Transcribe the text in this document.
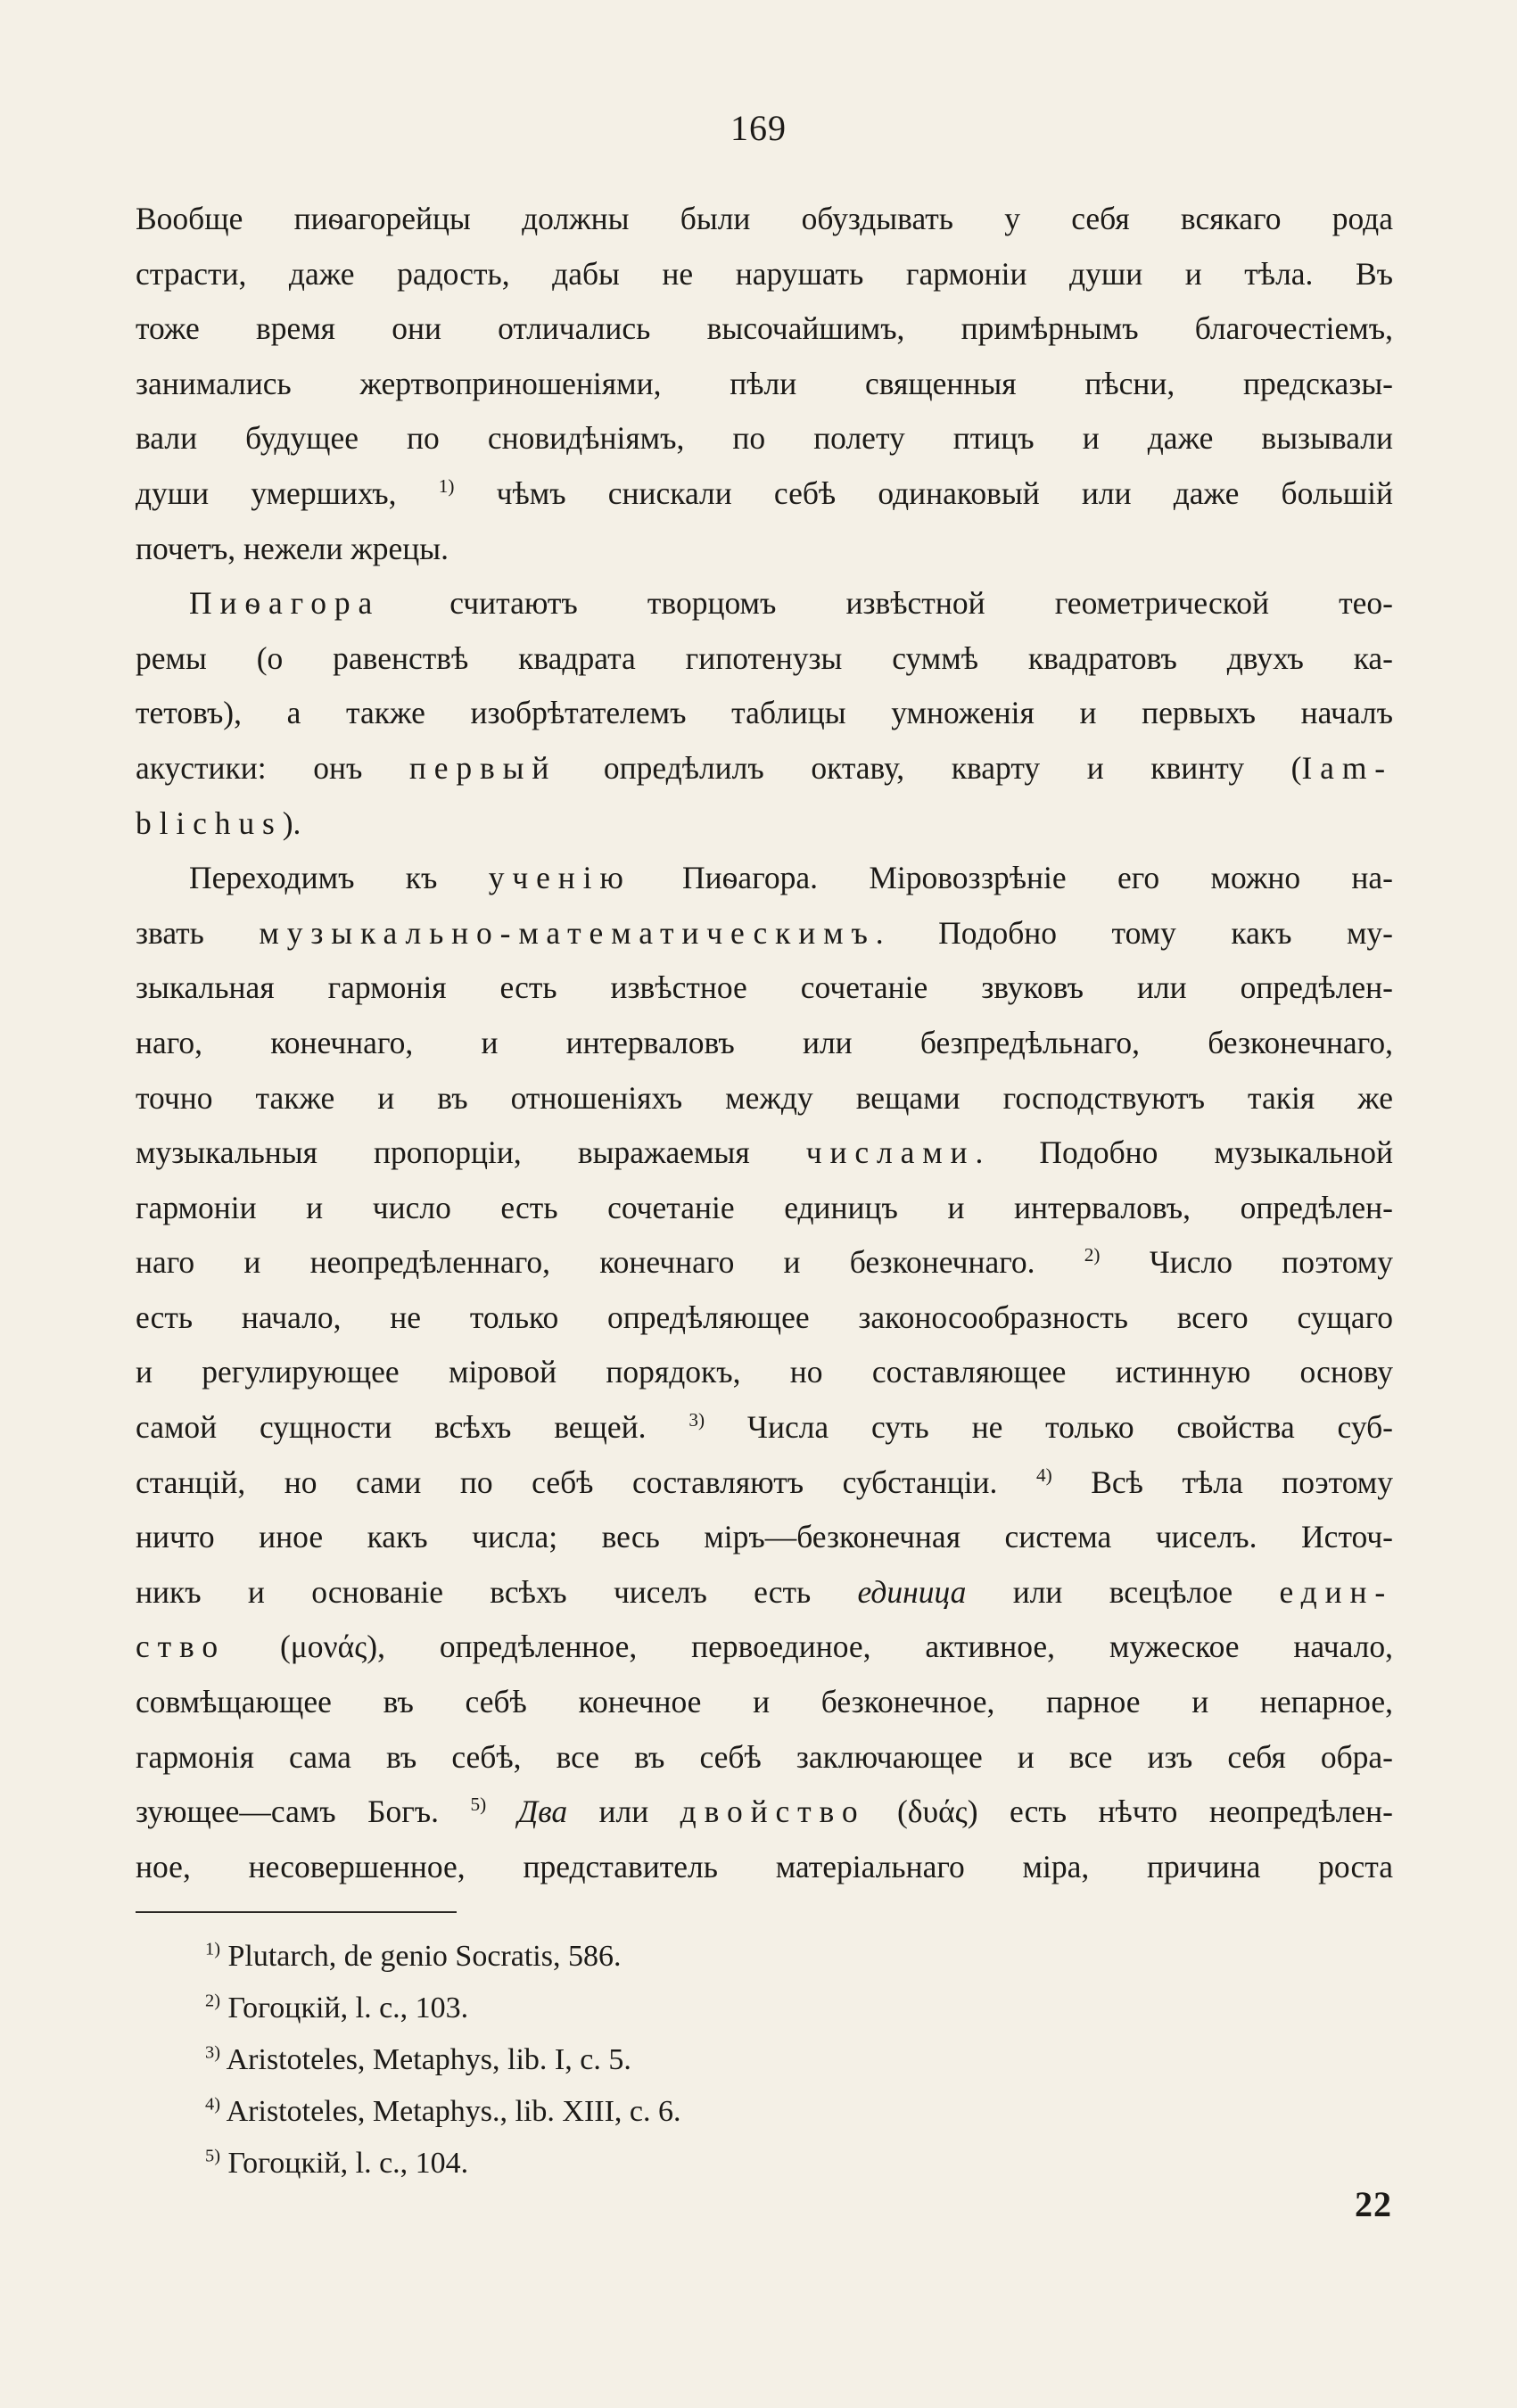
169
Вообще пиѳагорейцы должны были обуздывать у себя всякаго рода
страсти, даже радость, дабы не нарушать гармоніи души и тѣла. Въ
тоже время они отличались высочайшимъ, примѣрнымъ благочестіемъ,
занимались жертвоприношеніями, пѣли священныя пѣсни, предсказы-
вали будущее по сновидѣніямъ, по полету птицъ и даже вызывали
души умершихъ, $^{1)}$ чѣмъ снискали себѣ одинаковый или даже большій
почетъ, нежели жрецы.
Пиѳагора считаютъ творцомъ извѣстной геометрической тео-
ремы (о равенствѣ квадрата гипотенузы суммѣ квадратовъ двухъ ка-
тетовъ), а также изобрѣтателемъ таблицы умноженія и первыхъ началъ
акустики: онъ первый опредѣлилъ октаву, кварту и квинту (Iam-
blichus).
Переходимъ къ ученію Пиѳагора. Міровоззрѣніе его можно на-
звать музыкально-математическимъ. Подобно тому какъ му-
зыкальная гармонія есть извѣстное сочетаніе звуковъ или опредѣлен-
наго, конечнаго, и интерваловъ или безпредѣльнаго, безконечнаго,
точно также и въ отношеніяхъ между вещами господствуютъ такія же
музыкальныя пропорціи, выражаемыя числами. Подобно музыкальной
гармоніи и число есть сочетаніе единицъ и интерваловъ, опредѣлен-
наго и неопредѣленнаго, конечнаго и безконечнаго. $^{2)}$ Число поэтому
есть начало, не только опредѣляющее законосообразность всего сущаго
и регулирующее міровой порядокъ, но составляющее истинную основу
самой сущности всѣхъ вещей. $^{3)}$ Числа суть не только свойства суб-
станцій, но сами по себѣ составляютъ субстанціи. $^{4)}$ Всѣ тѣла поэтому
ничто иное какъ числа; весь міръ—безконечная система чиселъ. Источ-
никъ и основаніе всѣхъ чиселъ есть единица или всецѣлое един-
ство (μονάς), опредѣленное, первоединое, активное, мужеское начало,
совмѣщающее въ себѣ конечное и безконечное, парное и непарное,
гармонія сама въ себѣ, все въ себѣ заключающее и все изъ себя обра-
зующее—самъ Богъ. $^{5)}$ Два или двойство (δυάς) есть нѣчто неопредѣлен-
ное, несовершенное, представитель матеріальнаго міра, причина роста
$^{1)}$ Plutarch, de genio Socratis, 586.
$^{2)}$ Гогоцкій, l. c., 103.
$^{3)}$ Aristoteles, Metaphys, lib. I, c. 5.
$^{4)}$ Aristoteles, Metaphys., lib. XIII, c. 6.
$^{5)}$ Гогоцкій, l. c., 104.
22
